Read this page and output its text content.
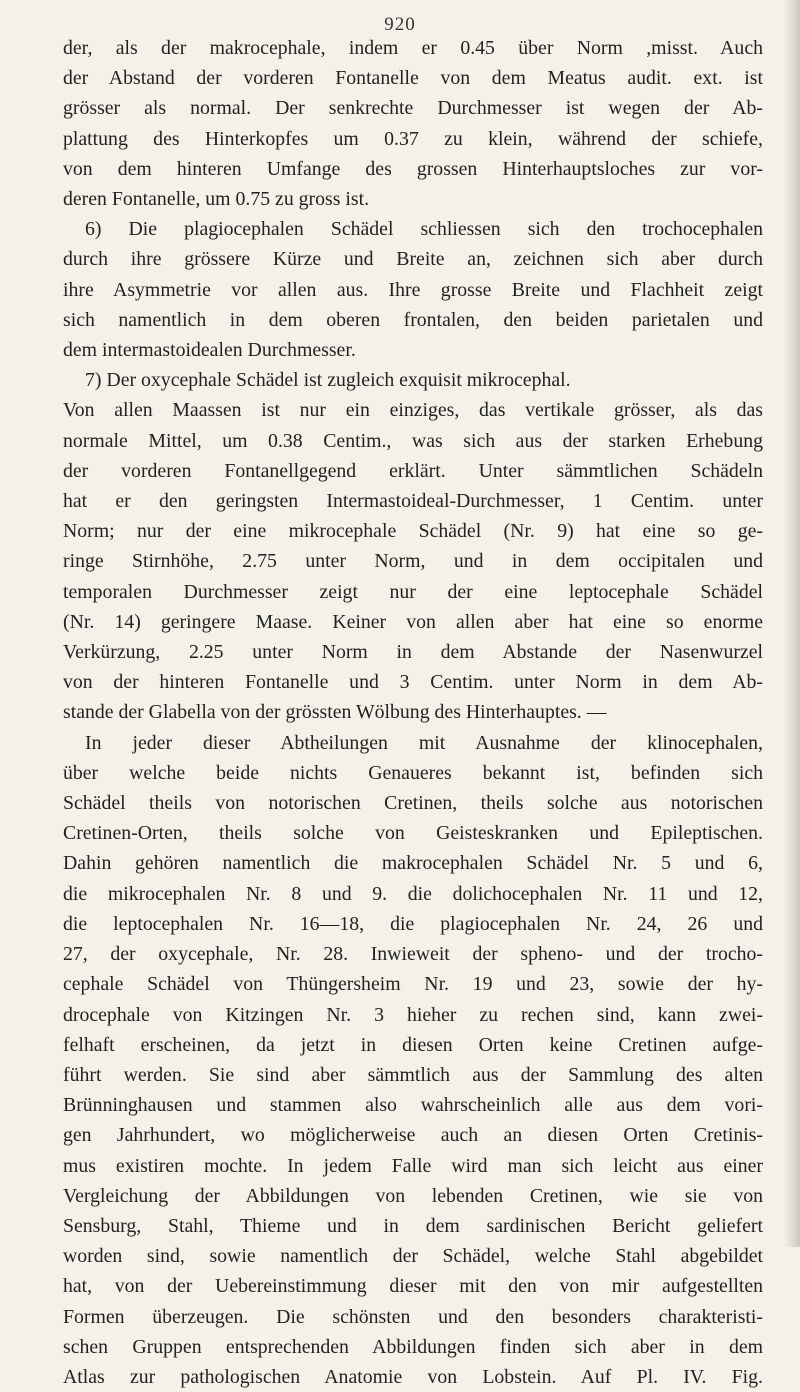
920
der, als der makrocephale, indem er 0.45 über Norm ,misst. Auch
der Abstand der vorderen Fontanelle von dem Meatus audit. ext. ist
grösser als normal. Der senkrechte Durchmesser ist wegen der Ab-
plattung des Hinterkopfes um 0.37 zu klein, während der schiefe,
von dem hinteren Umfange des grossen Hinterhauptsloches zur vor-
deren Fontanelle, um 0.75 zu gross ist.
6) Die plagiocephalen Schädel schliessen sich den trochocephalen
durch ihre grössere Kürze und Breite an, zeichnen sich aber durch
ihre Asymmetrie vor allen aus. Ihre grosse Breite und Flachheit zeigt
sich namentlich in dem oberen frontalen, den beiden parietalen und
dem intermastoidealen Durchmesser.
7) Der oxycephale Schädel ist zugleich exquisit mikrocephal.
Von allen Maassen ist nur ein einziges, das vertikale grösser, als das
normale Mittel, um 0.38 Centim., was sich aus der starken Erhebung
der vorderen Fontanellgegend erklärt. Unter sämmtlichen Schädeln
hat er den geringsten Intermastoideal-Durchmesser, 1 Centim. unter
Norm; nur der eine mikrocephale Schädel (Nr. 9) hat eine so ge-
ringe Stirnhöhe, 2.75 unter Norm, und in dem occipitalen und
temporalen Durchmesser zeigt nur der eine leptocephale Schädel
(Nr. 14) geringere Maase. Keiner von allen aber hat eine so enorme
Verkürzung, 2.25 unter Norm in dem Abstande der Nasenwurzel
von der hinteren Fontanelle und 3 Centim. unter Norm in dem Ab-
stande der Glabella von der grössten Wölbung des Hinterhauptes. —
In jeder dieser Abtheilungen mit Ausnahme der klinocephalen,
über welche beide nichts Genaueres bekannt ist, befinden sich
Schädel theils von notorischen Cretinen, theils solche aus notorischen
Cretinen-Orten, theils solche von Geisteskranken und Epileptischen.
Dahin gehören namentlich die makrocephalen Schädel Nr. 5 und 6,
die mikrocephalen Nr. 8 und 9. die dolichocephalen Nr. 11 und 12,
die leptocephalen Nr. 16—18, die plagiocephalen Nr. 24, 26 und
27, der oxycephale, Nr. 28. Inwieweit der spheno- und der trocho-
cephale Schädel von Thüngersheim Nr. 19 und 23, sowie der hy-
drocephale von Kitzingen Nr. 3 hieher zu rechen sind, kann zwei-
felhaft erscheinen, da jetzt in diesen Orten keine Cretinen aufge-
führt werden. Sie sind aber sämmtlich aus der Sammlung des alten
Brünninghausen und stammen also wahrscheinlich alle aus dem vori-
gen Jahrhundert, wo möglicherweise auch an diesen Orten Cretinis-
mus existiren mochte. In jedem Falle wird man sich leicht aus einer
Vergleichung der Abbildungen von lebenden Cretinen, wie sie von
Sensburg, Stahl, Thieme und in dem sardinischen Bericht geliefert
worden sind, sowie namentlich der Schädel, welche Stahl abgebildet
hat, von der Uebereinstimmung dieser mit den von mir aufgestellten
Formen überzeugen. Die schönsten und den besonders charakteristi-
schen Gruppen entsprechenden Abbildungen finden sich aber in dem
Atlas zur pathologischen Anatomie von Lobstein. Auf Pl. IV. Fig.
